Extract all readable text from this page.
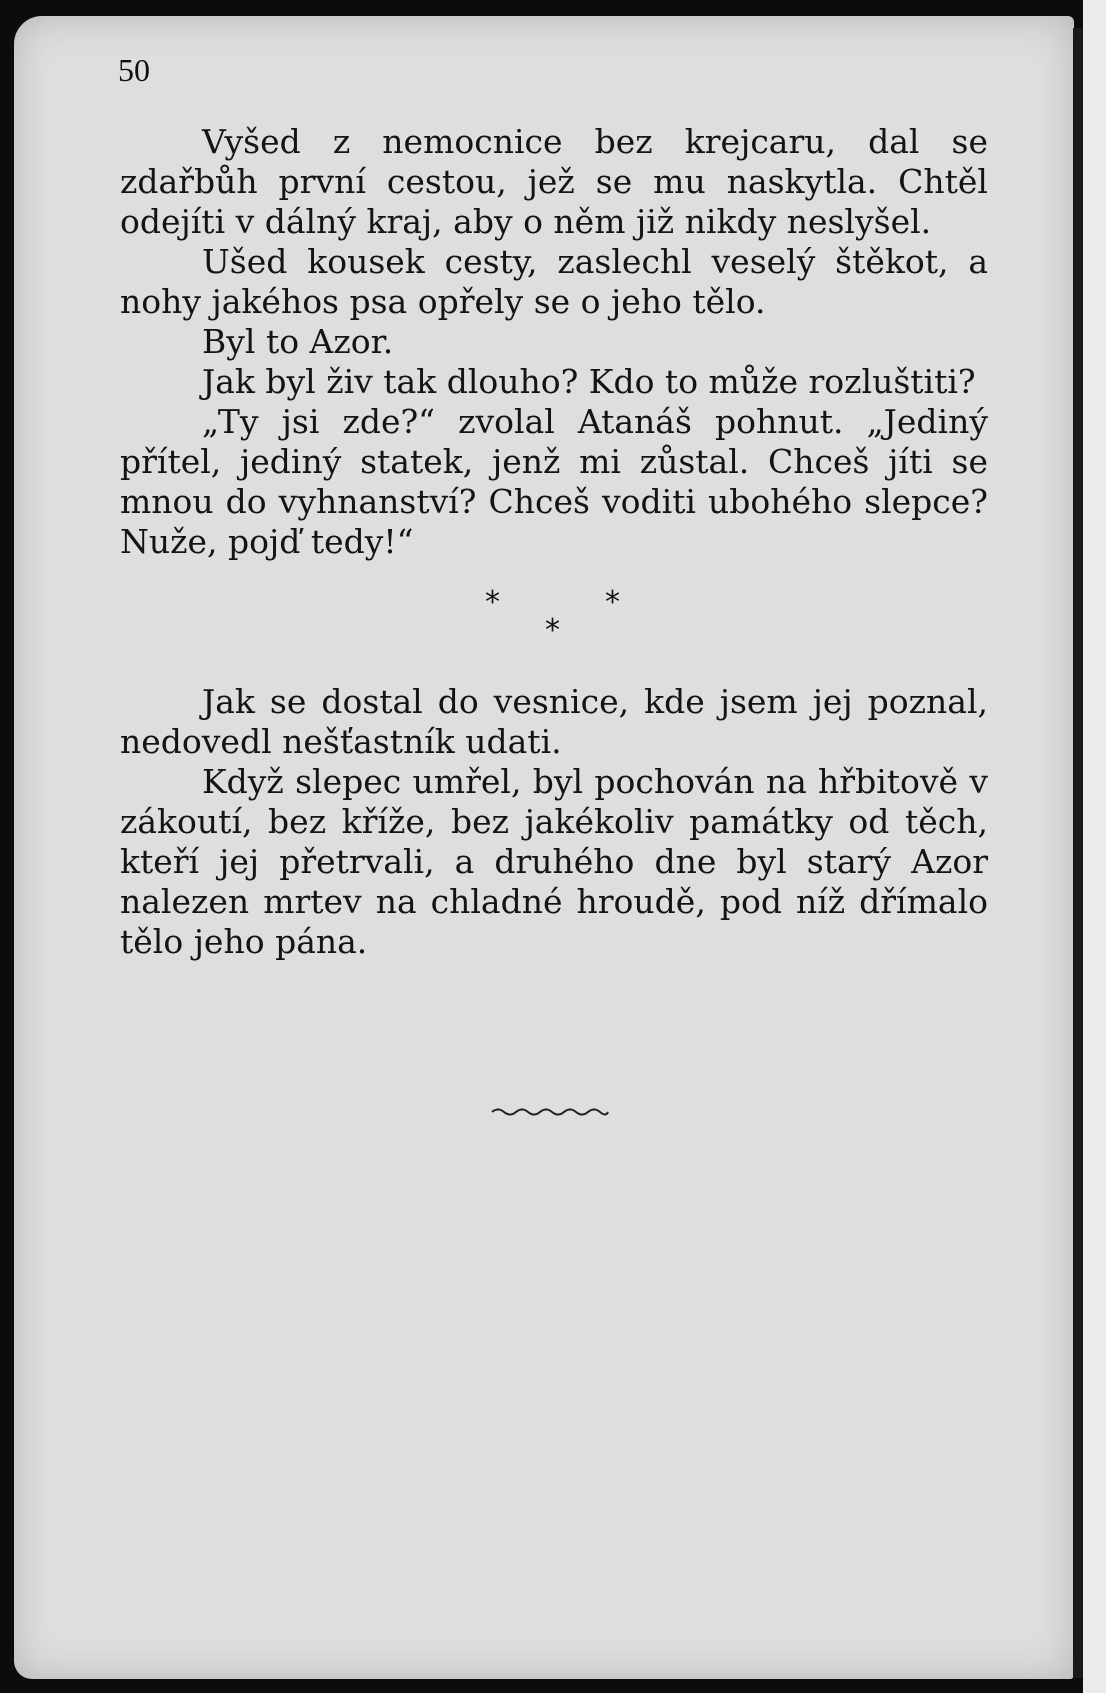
50

Vyšed z nemocnice bez krejcaru, dal se zdařbůh první cestou, jež se mu naskytla. Chtěl odejíti v dálný kraj, aby o něm již nikdy neslyšel.

Ušed kousek cesty, zaslechl veselý štěkot, a nohy jakéhos psa opřely se o jeho tělo.

Byl to Azor.

Jak byl živ tak dlouho? Kdo to může rozluštiti?

„Ty jsi zde?“ zvolal Atanáš pohnut. „Jediný přítel, jediný statek, jenž mi zůstal. Chceš jíti se mnou do vyhnanství? Chceš voditi ubohého slepce? Nuže, pojď tedy!“

*	*
*

Jak se dostal do vesnice, kde jsem jej poznal, nedovedl nešťastník udati.

Když slepec umřel, byl pochován na hřbitově v zákoutí, bez kříže, bez jakékoliv památky od těch, kteří jej přetrvali, a druhého dne byl starý Azor nalezen mrtev na chladné hroudě, pod níž dřímalo tělo jeho pána.
